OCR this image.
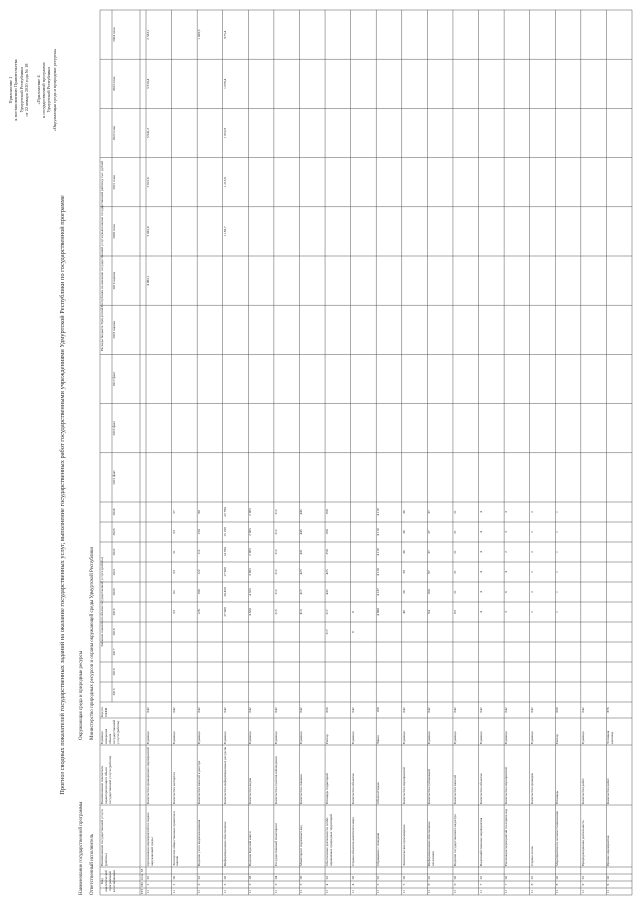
Приложение 1 к постановлению Правительства Удмуртской Республики от 22 января 2020 года № 18 «Приложение 4 к государственной программе Удмуртской Республики «Окружающая среда и природные ресурсы»
Прогноз сводных показателей государственных заданий на оказание государственных услуг, выполнение государственных работ государственными учреждениями Удмуртской Республики по государственной программе
Наименование государственной программы
Окружающая среда и природные ресурсы
Ответственный исполнитель
Министерство природных ресурсов и охраны окружающей среды Удмуртской Республики
Код аналитической программной классификации	ГП
Пп
Осм
М
Наименование государственной услуги (работы)
Наименование показателя, характеризующего объем государственной услуги (работы)
Единица измерения объема государственной услуги (работы)
Код по ОКЕИ
Значение показателя объема государственной услуги (работы)
Расходы бюджета Удмуртской Республики на оказание государственной услуги (выполнение государственной работы), тыс. рублей
2015
2015 факт
2016
2016 факт
2017
2017 факт
2018
2018 оценка
2019
2019 оценка
2020
2020 план
2021
2021 план
2022
2022 план
2023
2023 план
2024
2024 план
11
2
01
Организация мероприятий по охране окружающей среды
Количество проведенных мероприятий
Единица
642
4 082,1
5 041,6
5 621,6
5 941,2
5 610,4
2 533,1
11
2
02
Экспертиза общественных проектов и оценок
Количество экспертиз
Единица
642
53
62
53
51
53
57
11
3
01
Ведение учета водопользования
Количество записей в реестре
Единица
642
128
180
122
112
150
80
1 020,5
11
3
02
Информационное обеспечение
Количество информационных ресурсов
Единица
642
27 600
20 450
1 183,7
17 900
1 213,8
14 700
1 052,8
15 100
1 078,4
22 780
975,4
11
3
03
Ведение Красной книги
Количество видов
Единица
642
4 820
4 325
3 965
2 965
2 965
2 965
11
3
04
Государственный мониторинг
Количество пунктов наблюдения
Единица
642
215
212
212
212
212
212
11
3
05
Мониторинг подземных вод
Количество скважин
Единица
642
413
417
425
431
445
445
11
4
01
Обеспечение деятельности особо охраняемых природных территорий
Площадь территорий
Гектар
059
217
217
432
425
250
190
190
11
4
02
Охрана объектов животного мира
Количество объектов
Единица
642
6
6
11
5
01
Обращение с отходами
Объем отходов
Тонна
168
4 600
4 137
4 118
4 119
4 119
4 119
11
5
02
Экологическое просвещение
Количество мероприятий
Единица
642
49
56
38
36
36
36
11
6
01
Информационное обеспечение населения
Количество публикаций
Единица
642
94
160
87
37
37
37
11
6
02
Ведение государственного кадастра
Количество записей
Единица
642
63
21
21
21
21
21
11
7
01
Водохозяйственные мероприятия
Количество объектов
Единица
642
4
4
4
4
4
4
11
7
02
Реализация мероприятий по охране вод
Количество мероприятий
Единица
642
3
6
4
2
3
3
11
8
01
Охрана лесов
Количество проверок
Единица
642
2
2
2
2
2
2
11
8
02
Мероприятия по лесовосстановлению
Площадь
Гектар
059
1
1
1
1
1
1
11
9
01
Природоохранная деятельность
Количество работ
Единица
642
11
9
02
Прочие мероприятия
Количество работ
Условная единица
876
